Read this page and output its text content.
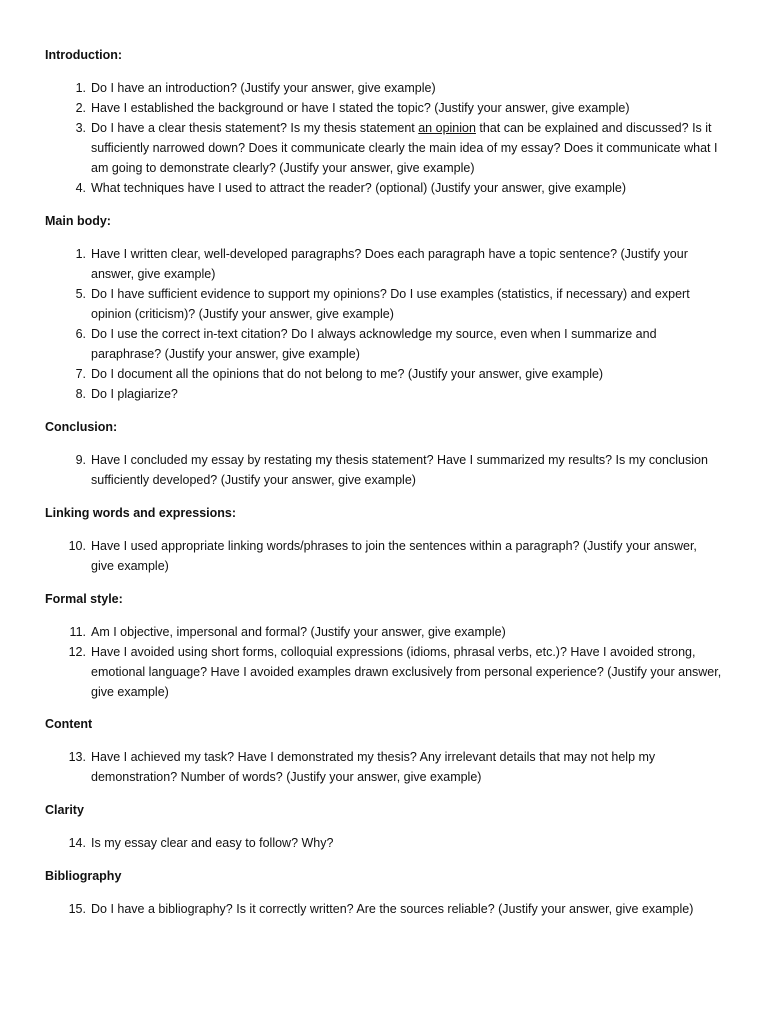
Introduction:
1. Do I have an introduction? (Justify your answer, give example)
2. Have I established the background or have I stated the topic? (Justify your answer, give example)
3. Do I have a clear thesis statement? Is my thesis statement an opinion that can be explained and discussed? Is it sufficiently narrowed down? Does it communicate clearly the main idea of my essay? Does it communicate what I am going to demonstrate clearly? (Justify your answer, give example)
4. What techniques have I used to attract the reader? (optional) (Justify your answer, give example)
Main body:
1. Have I written clear, well-developed paragraphs? Does each paragraph have a topic sentence? (Justify your answer, give example)
5. Do I have sufficient evidence to support my opinions? Do I use examples (statistics, if necessary) and expert opinion (criticism)? (Justify your answer, give example)
6. Do I use the correct in-text citation? Do I always acknowledge my source, even when I summarize and paraphrase? (Justify your answer, give example)
7. Do I document all the opinions that do not belong to me? (Justify your answer, give example)
8. Do I plagiarize?
Conclusion:
9. Have I concluded my essay by restating my thesis statement? Have I summarized my results? Is my conclusion sufficiently developed? (Justify your answer, give example)
Linking words and expressions:
10. Have I used appropriate linking words/phrases to join the sentences within a paragraph? (Justify your answer, give example)
Formal style:
11. Am I objective, impersonal and formal? (Justify your answer, give example)
12. Have I avoided using short forms, colloquial expressions (idioms, phrasal verbs, etc.)? Have I avoided strong, emotional language? Have I avoided examples drawn exclusively from personal experience? (Justify your answer, give example)
Content
13. Have I achieved my task? Have I demonstrated my thesis? Any irrelevant details that may not help my demonstration? Number of words? (Justify your answer, give example)
Clarity
14. Is my essay clear and easy to follow? Why?
Bibliography
15. Do I have a bibliography? Is it correctly written? Are the sources reliable? (Justify your answer, give example)
